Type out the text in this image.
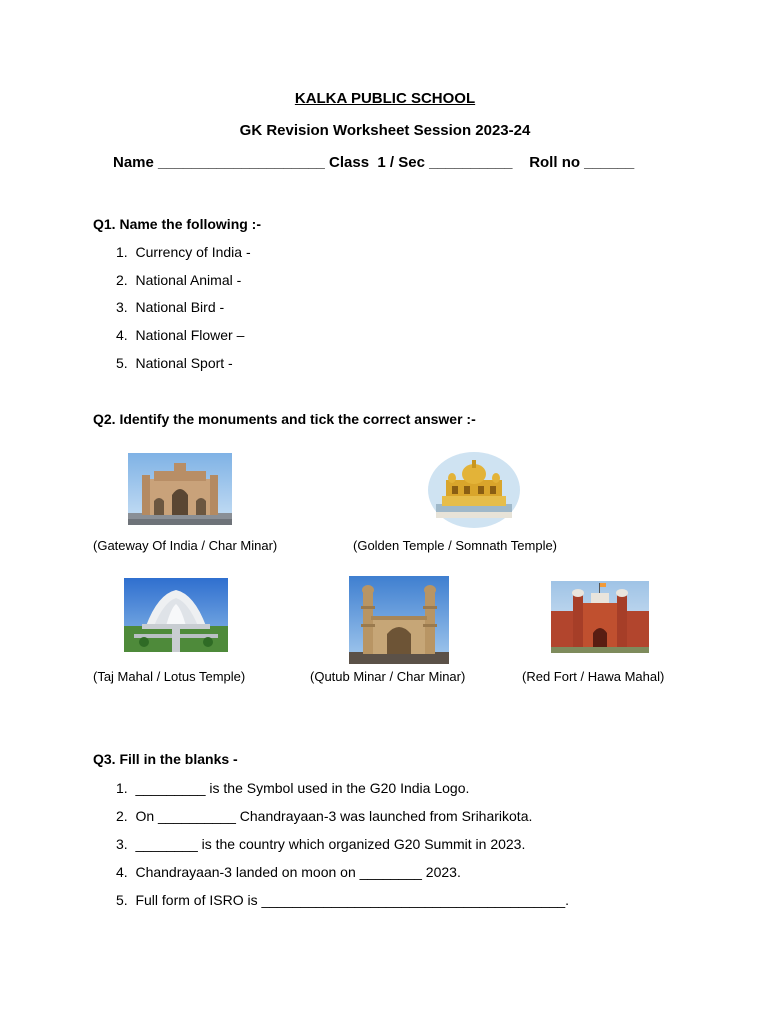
KALKA PUBLIC SCHOOL
GK Revision Worksheet Session 2023-24
Name ____________________ Class  1 / Sec __________    Roll no ______
Q1. Name the following :-
1.  Currency of India -
2.  National Animal -
3.  National Bird -
4.  National Flower –
5.  National Sport -
Q2. Identify the monuments and tick the correct answer :-
(Gateway Of India / Char Minar)	(Golden Temple / Somnath Temple)
(Taj Mahal / Lotus Temple)	(Qutub Minar / Char Minar)	(Red Fort / Hawa Mahal)
Q3. Fill in the blanks -
1.  _________ is the Symbol used in the G20 India Logo.
2.  On __________ Chandrayaan-3 was launched from Sriharikota.
3.  ________ is the country which organized G20 Summit in 2023.
4.  Chandrayaan-3 landed on moon on ________ 2023.
5.  Full form of ISRO is _______________________________________.
